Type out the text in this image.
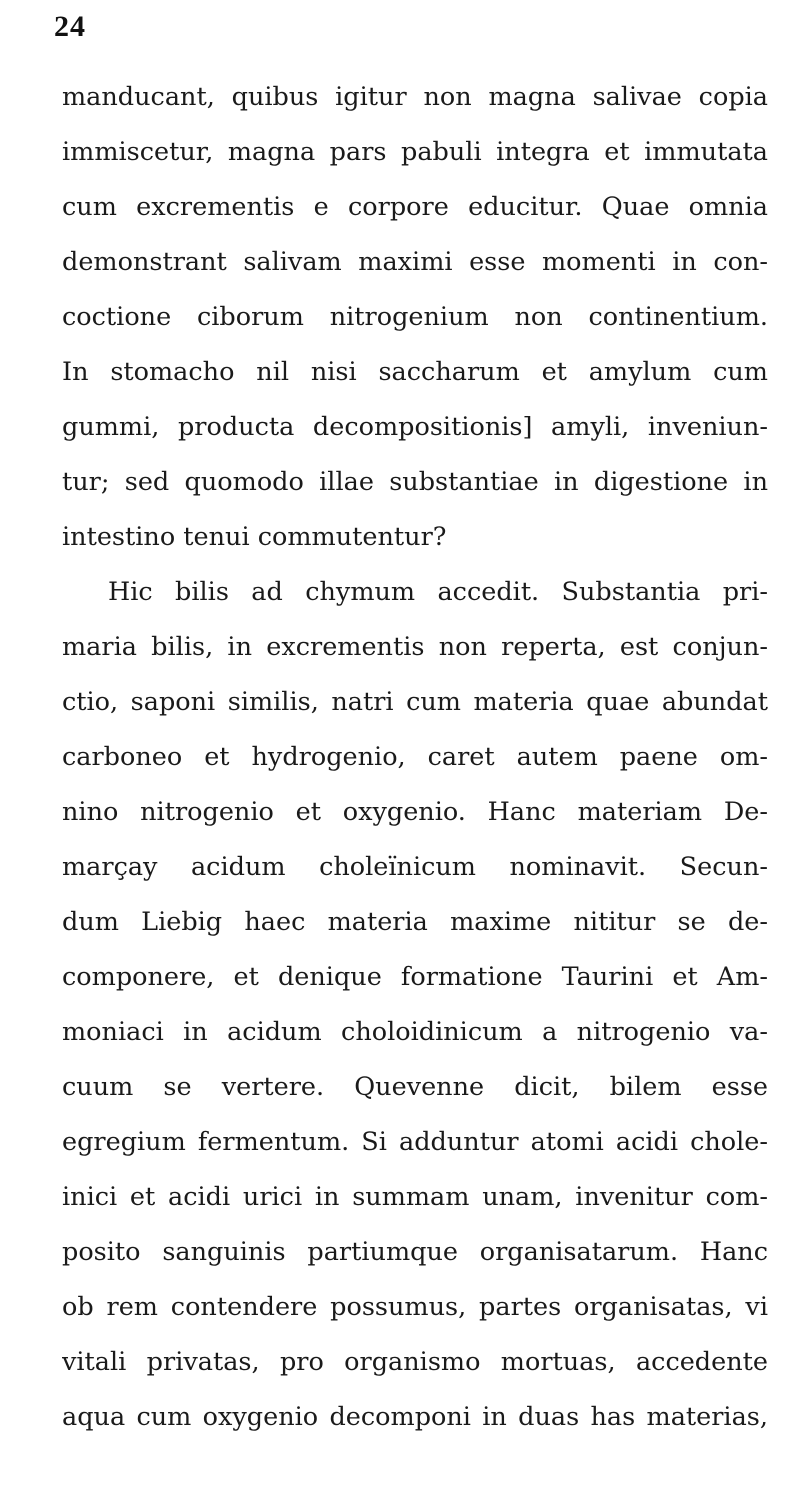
24
manducant, quibus igitur non magna salivae copia
immiscetur, magna pars pabuli integra et immutata
cum excrementis e corpore educitur. Quae omnia
demonstrant salivam maximi esse momenti in con-
coctione ciborum nitrogenium non continentium.
In stomacho nil nisi saccharum et amylum cum
gummi, producta decompositionis] amyli, inveniun-
tur; sed quomodo illae substantiae in digestione in
intestino tenui commutentur?
Hic bilis ad chymum accedit. Substantia pri-
maria bilis, in excrementis non reperta, est conjun-
ctio, saponi similis, natri cum materia quae abundat
carboneo et hydrogenio, caret autem paene om-
nino nitrogenio et oxygenio. Hanc materiam De-
marçay acidum choleïnicum nominavit. Secun-
dum Liebig haec materia maxime nititur se de-
componere, et denique formatione Taurini et Am-
moniaci in acidum choloidinicum a nitrogenio va-
cuum se vertere. Quevenne dicit, bilem esse
egregium fermentum. Si adduntur atomi acidi chole-
inici et acidi urici in summam unam, invenitur com-
posito sanguinis partiumque organisatarum. Hanc
ob rem contendere possumus, partes organisatas, vi
vitali privatas, pro organismo mortuas, accedente
aqua cum oxygenio decomponi in duas has materias,
